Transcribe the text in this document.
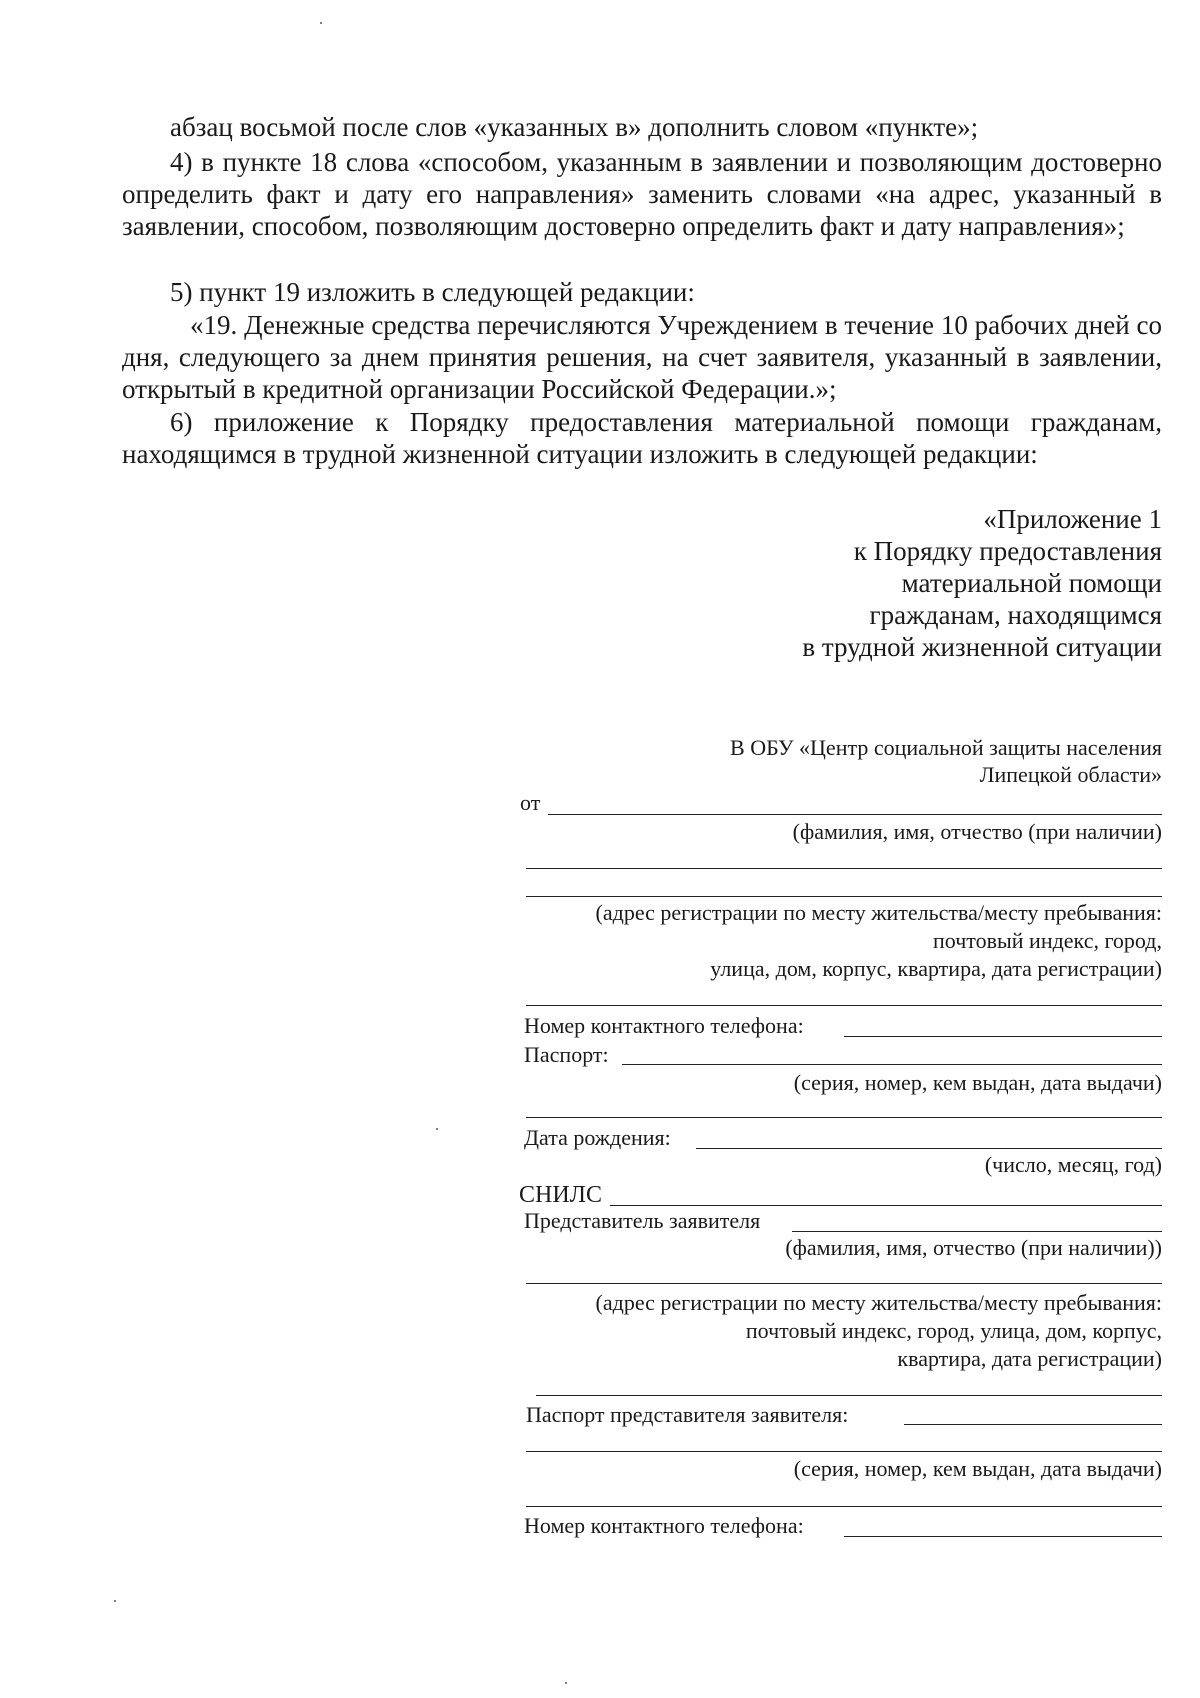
абзац восьмой после слов «указанных в» дополнить словом «пункте»;
4) в пункте 18 слова «способом, указанным в заявлении и позволяющим достоверно определить факт и дату его направления» заменить словами «на адрес, указанный в заявлении, способом, позволяющим достоверно определить факт и дату направления»;
5) пункт 19 изложить в следующей редакции:
«19. Денежные средства перечисляются Учреждением в течение 10 рабочих дней со дня, следующего за днем принятия решения, на счет заявителя, указанный в заявлении, открытый в кредитной организации Российской Федерации.»;
6) приложение к Порядку предоставления материальной помощи гражданам, находящимся в трудной жизненной ситуации изложить в следующей редакции:
«Приложение 1
к Порядку предоставления
материальной помощи
гражданам, находящимся
в трудной жизненной ситуации
В ОБУ «Центр социальной защиты населения
Липецкой области»
от
(фамилия, имя, отчество (при наличии)
(адрес регистрации по месту жительства/месту пребывания:
почтовый индекс, город,
улица, дом, корпус, квартира, дата регистрации)
Номер контактного телефона:
Паспорт:
(серия, номер, кем выдан, дата выдачи)
Дата рождения:
(число, месяц, год)
СНИЛС
Представитель заявителя
(фамилия, имя, отчество (при наличии))
(адрес регистрации по месту жительства/месту пребывания:
почтовый индекс, город, улица, дом, корпус,
квартира, дата регистрации)
Паспорт представителя заявителя:
(серия, номер, кем выдан, дата выдачи)
Номер контактного телефона:
